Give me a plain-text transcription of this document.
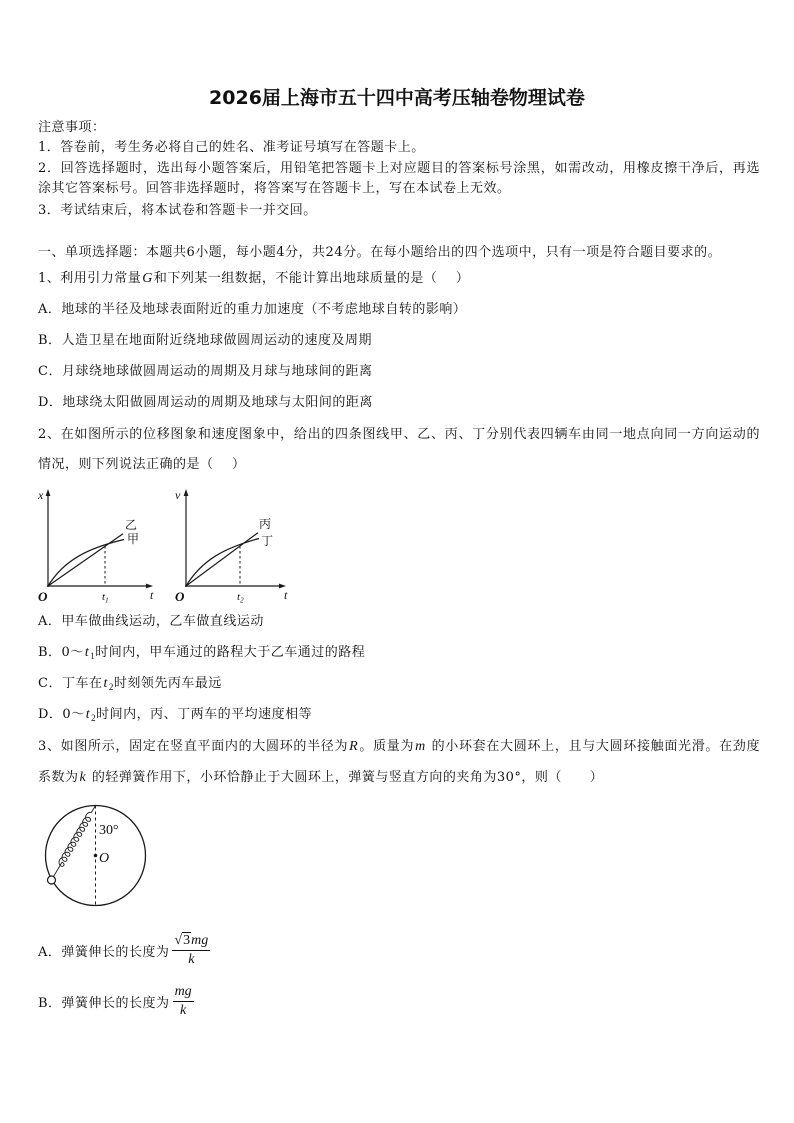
2026届上海市五十四中高考压轴卷物理试卷
注意事项：
1．答卷前，考生务必将自己的姓名、准考证号填写在答题卡上。
2．回答选择题时，选出每小题答案后，用铅笔把答题卡上对应题目的答案标号涂黑，如需改动，用橡皮擦干净后，再选涂其它答案标号。回答非选择题时，将答案写在答题卡上，写在本试卷上无效。
3．考试结束后，将本试卷和答题卡一并交回。
一、单项选择题：本题共6小题，每小题4分，共24分。在每小题给出的四个选项中，只有一项是符合题目要求的。
1、利用引力常量G和下列某一组数据，不能计算出地球质量的是（    ）
A．地球的半径及地球表面附近的重力加速度（不考虑地球自转的影响）
B．人造卫星在地面附近绕地球做圆周运动的速度及周期
C．月球绕地球做圆周运动的周期及月球与地球间的距离
D．地球绕太阳做圆周运动的周期及地球与太阳间的距离
2、在如图所示的位移图象和速度图象中，给出的四条图线甲、乙、丙、丁分别代表四辆车由同一地点向同一方向运动的情况，则下列说法正确的是（    ）
x
O	t
$t_1$
乙
甲
v
O	t
$t_2$
丙
丁
A．甲车做曲线运动，乙车做直线运动
B．$0\sim t_1$时间内，甲车通过的路程大于乙车通过的路程
C．丁车在$t_2$时刻领先丙车最远
D．$0\sim t_2$时间内，丙、丁两车的平均速度相等
3、如图所示，固定在竖直平面内的大圆环的半径为R。质量为m 的小环套在大圆环上，且与大圆环接触面光滑。在劲度系数为k 的轻弹簧作用下，小环恰静止于大圆环上，弹簧与竖直方向的夹角为30°，则（      ）
30°
O
A．弹簧伸长的长度为 $\frac{√3mg}{k}$
B．弹簧伸长的长度为 $\frac{mg}{k}$
